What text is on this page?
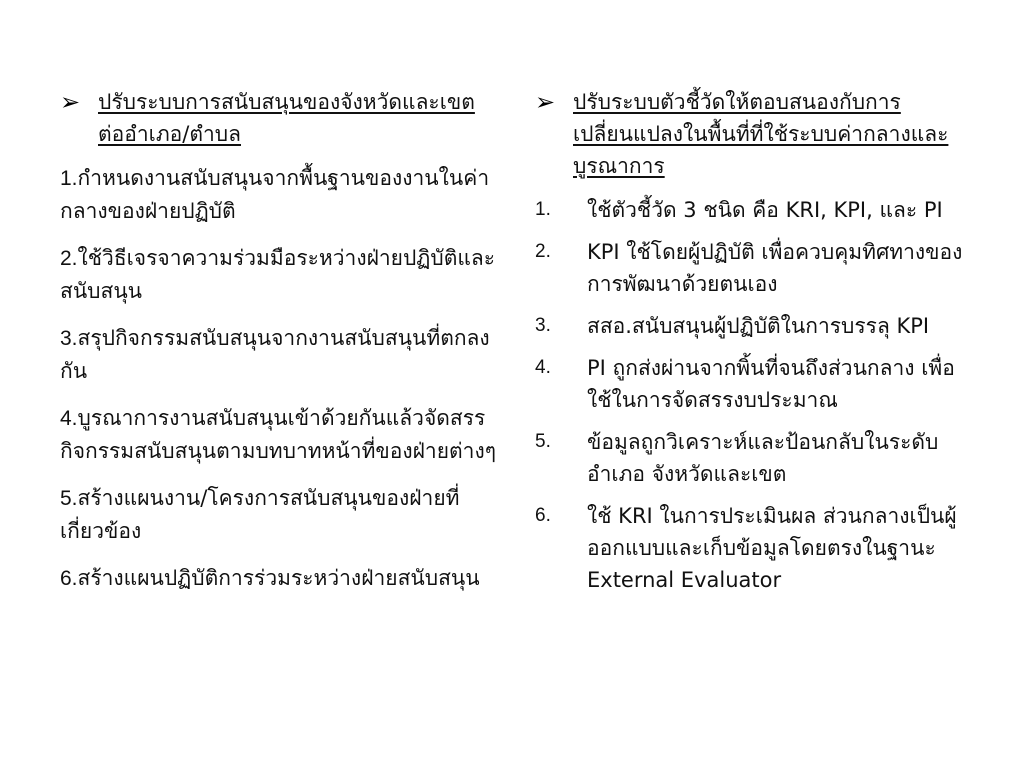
➢ ปรับระบบการสนับสนุนของจังหวัดและเขตต่ออำเภอ/ตำบล
1.กำหนดงานสนับสนุนจากพื้นฐานของงานในค่ากลางของฝ่ายปฏิบัติ
2.ใช้วิธีเจรจาความร่วมมือระหว่างฝ่ายปฏิบัติและสนับสนุน
3.สรุปกิจกรรมสนับสนุนจากงานสนับสนุนที่ตกลงกัน
4.บูรณาการงานสนับสนุนเข้าด้วยกันแล้วจัดสรรกิจกรรมสนับสนุนตามบทบาทหน้าที่ของฝ่ายต่างๆ
5.สร้างแผนงาน/โครงการสนับสนุนของฝ่ายที่เกี่ยวข้อง
6.สร้างแผนปฏิบัติการร่วมระหว่างฝ่ายสนับสนุน
➢ ปรับระบบตัวชี้วัดให้ตอบสนองกับการเปลี่ยนแปลงในพื้นที่ที่ใช้ระบบค่ากลางและบูรณาการ
1.	ใช้ตัวชี้วัด 3 ชนิด คือ KRI, KPI, และ PI
2.	KPI ใช้โดยผู้ปฏิบัติ เพื่อควบคุมทิศทางของการพัฒนาด้วยตนเอง
3.	สสอ.สนับสนุนผู้ปฏิบัติในการบรรลุ KPI
4.	PI ถูกส่งผ่านจากพิ้นที่จนถึงส่วนกลาง เพื่อใช้ในการจัดสรรงบประมาณ
5.	ข้อมูลถูกวิเคราะห์และป้อนกลับในระดับอำเภอ จังหวัดและเขต
6.	ใช้ KRI ในการประเมินผล ส่วนกลางเป็นผู้ออกแบบและเก็บข้อมูลโดยตรงในฐานะ External Evaluator
